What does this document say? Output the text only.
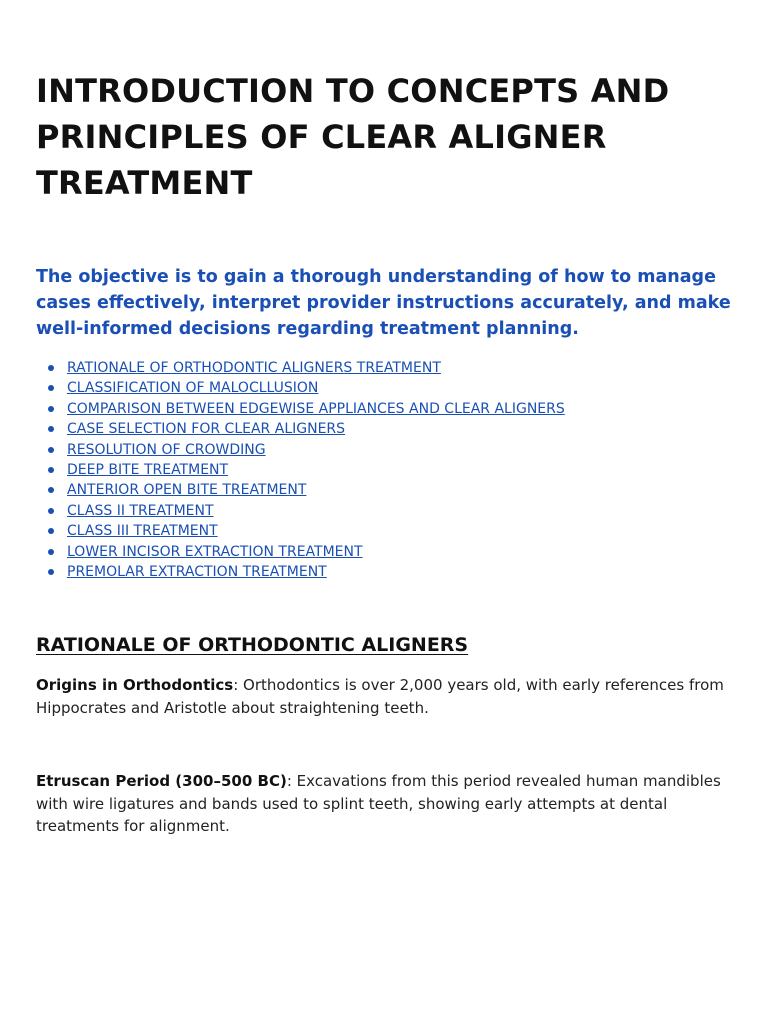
INTRODUCTION TO CONCEPTS AND
PRINCIPLES OF CLEAR ALIGNER
TREATMENT

The objective is to gain a thorough understanding of how to manage cases effectively, interpret provider instructions accurately, and make well-informed decisions regarding treatment planning.

RATIONALE OF ORTHODONTIC ALIGNERS TREATMENT
CLASSIFICATION OF MALOCLLUSION
COMPARISON BETWEEN EDGEWISE APPLIANCES AND CLEAR ALIGNERS
CASE SELECTION FOR CLEAR ALIGNERS
RESOLUTION OF CROWDING
DEEP BITE TREATMENT
ANTERIOR OPEN BITE TREATMENT
CLASS II TREATMENT
CLASS III TREATMENT
LOWER INCISOR EXTRACTION TREATMENT
PREMOLAR EXTRACTION TREATMENT
RATIONALE OF ORTHODONTIC ALIGNERS

Origins in Orthodontics: Orthodontics is over 2,000 years old, with early references from Hippocrates and Aristotle about straightening teeth.

Etruscan Period (300–500 BC): Excavations from this period revealed human mandibles with wire ligatures and bands used to splint teeth, showing early attempts at dental treatments for alignment.
